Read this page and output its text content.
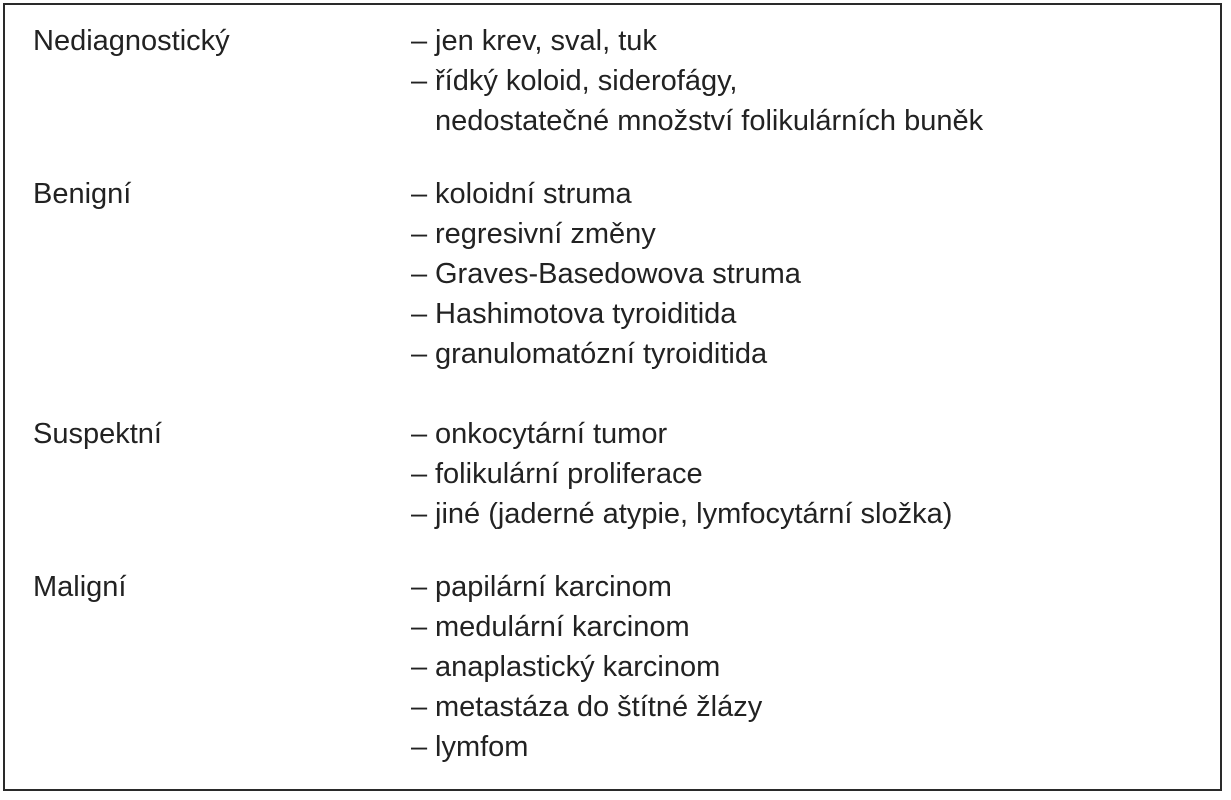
Nediagnostický	– jen krev, sval, tuk
– řídký koloid, siderofágy,
nedostatečné množství folikulárních buněk
Benigní	– koloidní struma
– regresivní změny
– Graves-Basedowova struma
– Hashimotova tyroiditida
– granulomatózní tyroiditida
Suspektní	– onkocytární tumor
– folikulární proliferace
– jiné (jaderné atypie, lymfocytární složka)
Maligní	– papilární karcinom
– medulární karcinom
– anaplastický karcinom
– metastáza do štítné žlázy
– lymfom
